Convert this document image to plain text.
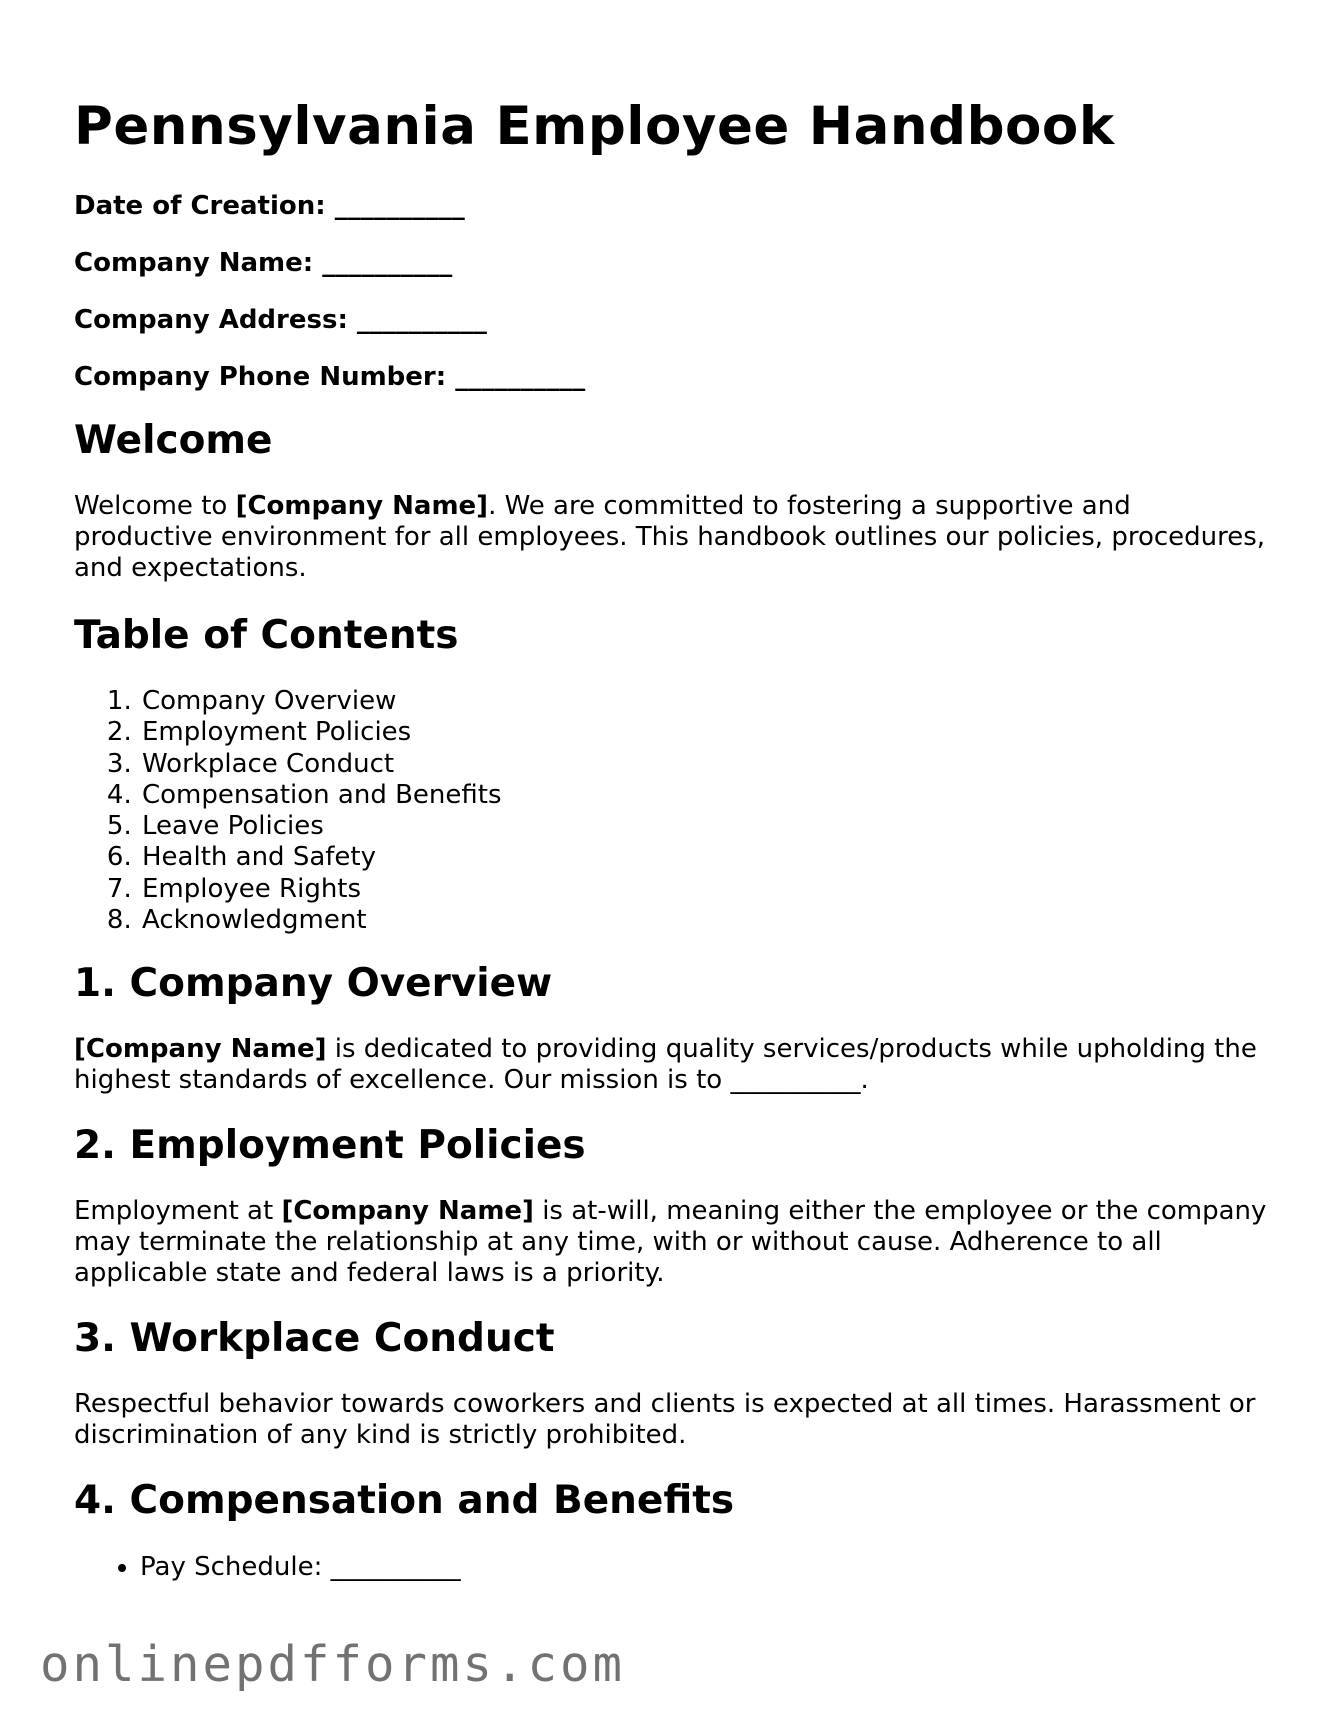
Pennsylvania Employee Handbook

Date of Creation: __________

Company Name: __________

Company Address: __________

Company Phone Number: __________

Welcome

Welcome to [Company Name]. We are committed to fostering a supportive and productive environment for all employees. This handbook outlines our policies, procedures, and expectations.

Table of Contents
1. Company Overview
2. Employment Policies
3. Workplace Conduct
4. Compensation and Benefits
5. Leave Policies
6. Health and Safety
7. Employee Rights
8. Acknowledgment
1. Company Overview

[Company Name] is dedicated to providing quality services/products while upholding the highest standards of excellence. Our mission is to __________.

2. Employment Policies

Employment at [Company Name] is at-will, meaning either the employee or the company may terminate the relationship at any time, with or without cause. Adherence to all applicable state and federal laws is a priority.

3. Workplace Conduct

Respectful behavior towards coworkers and clients is expected at all times. Harassment or discrimination of any kind is strictly prohibited.

4. Compensation and Benefits
• Pay Schedule: __________
onlinepdfforms.com
